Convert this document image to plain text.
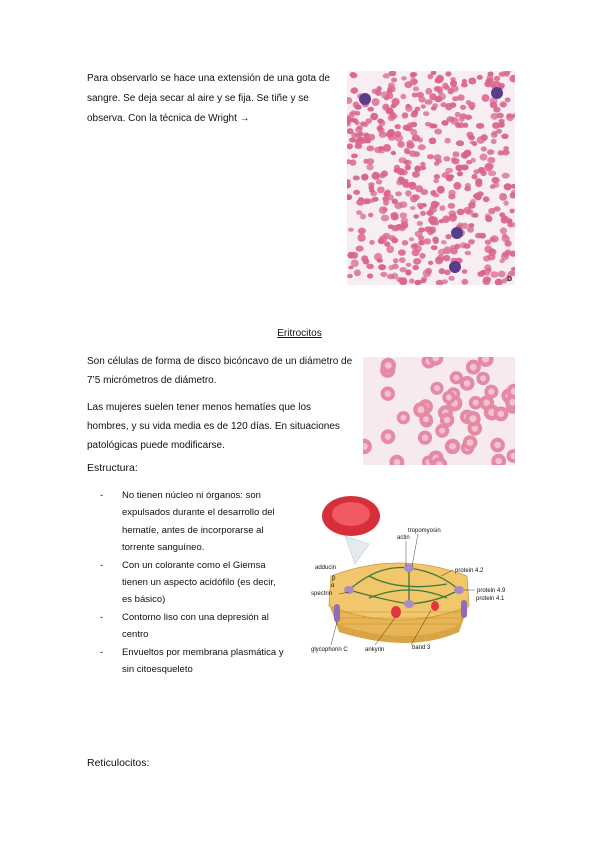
Para observarlo se hace una extensión de una gota de sangre. Se deja secar al aire y se fija. Se tiñe y se observa. Con la técnica de Wright →

b

Eritrocitos

Son células de forma de disco bicóncavo de un diámetro de 7’5 micrómetros de diámetro.

Las mujeres suelen tener menos hematíes que los hombres, y su vida media es de 120 días. En situaciones patológicas puede modificarse.

Estructura:

- No tienen núcleo ni órganos: son expulsados durante el desarrollo del hematíe, antes de incorporarse al torrente sanguíneo.
- Con un colorante como el Giemsa tienen un aspecto acidófilo (es decir, es básico)
- Contorno liso con una depresión al centro
- Envueltos por membrana plasmática y sin citoesqueleto
actin
tropomyosin
adducin
β
α
spectrin
protein 4.2
protein 4.9
protein 4.1
glycophorin C	ankyrin	band 3

Reticulocitos:
